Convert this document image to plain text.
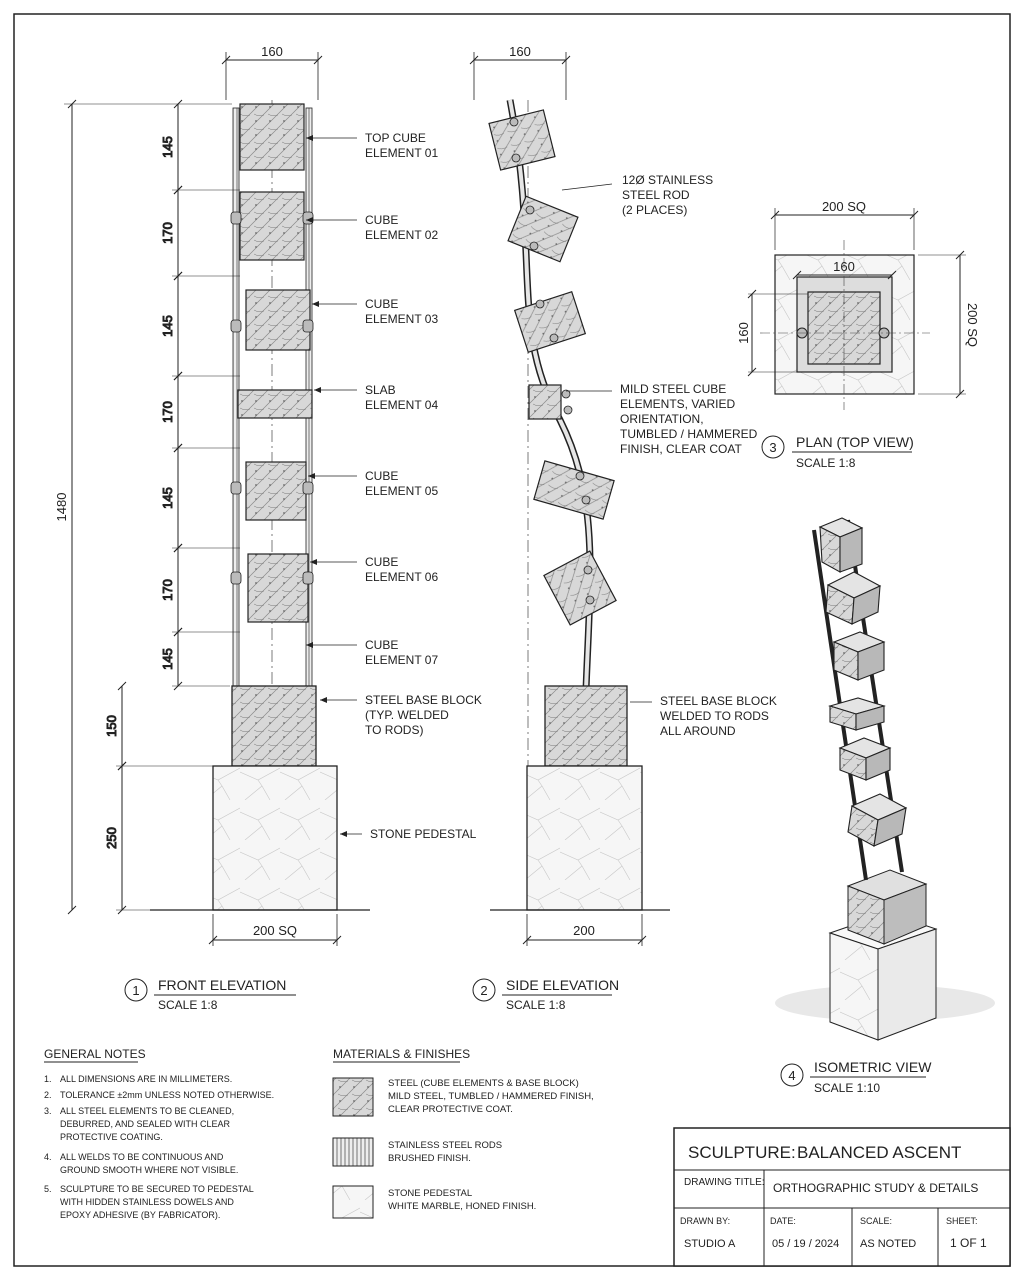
160
200 SQ
1480
145
170
145
170
145
170
145
150
250
TOP CUBE
ELEMENT 01
CUBE
ELEMENT 02
CUBE
ELEMENT 03
SLAB
ELEMENT 04
CUBE
ELEMENT 05
CUBE
ELEMENT 06
CUBE
ELEMENT 07
STEEL BASE BLOCK
(TYP. WELDED
TO RODS)
STONE PEDESTAL
1 FRONT ELEVATION
SCALE 1:8
160
200
12Ø STAINLESS
STEEL ROD
(2 PLACES)
MILD STEEL CUBE
ELEMENTS, VARIED
ORIENTATION,
TUMBLED / HAMMERED
FINISH, CLEAR COAT
STEEL BASE BLOCK
WELDED TO RODS
ALL AROUND
2 SIDE ELEVATION
SCALE 1:8
200 SQ
160
160	200 SQ
3 PLAN (TOP VIEW)
SCALE 1:8
4
ISOMETRIC VIEW
SCALE 1:10
GENERAL NOTES
1. ALL DIMENSIONS ARE IN MILLIMETERS.
2. TOLERANCE ±2mm UNLESS NOTED OTHERWISE.
3. ALL STEEL ELEMENTS TO BE CLEANED,
DEBURRED, AND SEALED WITH CLEAR
PROTECTIVE COATING.
4. ALL WELDS TO BE CONTINUOUS AND
GROUND SMOOTH WHERE NOT VISIBLE.
5. SCULPTURE TO BE SECURED TO PEDESTAL
WITH HIDDEN STAINLESS DOWELS AND
EPOXY ADHESIVE (BY FABRICATOR).
MATERIALS & FINISHES
STEEL (CUBE ELEMENTS & BASE BLOCK)
MILD STEEL, TUMBLED / HAMMERED FINISH,
CLEAR PROTECTIVE COAT.
STAINLESS STEEL RODS
BRUSHED FINISH.
STONE PEDESTAL
WHITE MARBLE, HONED FINISH.
SCULPTURE: BALANCED ASCENT
DRAWING TITLE: ORTHOGRAPHIC STUDY & DETAILS
DRAWN BY:
STUDIO A
DATE:
05 / 19 / 2024
SCALE:
AS NOTED
SHEET:
1 OF 1
